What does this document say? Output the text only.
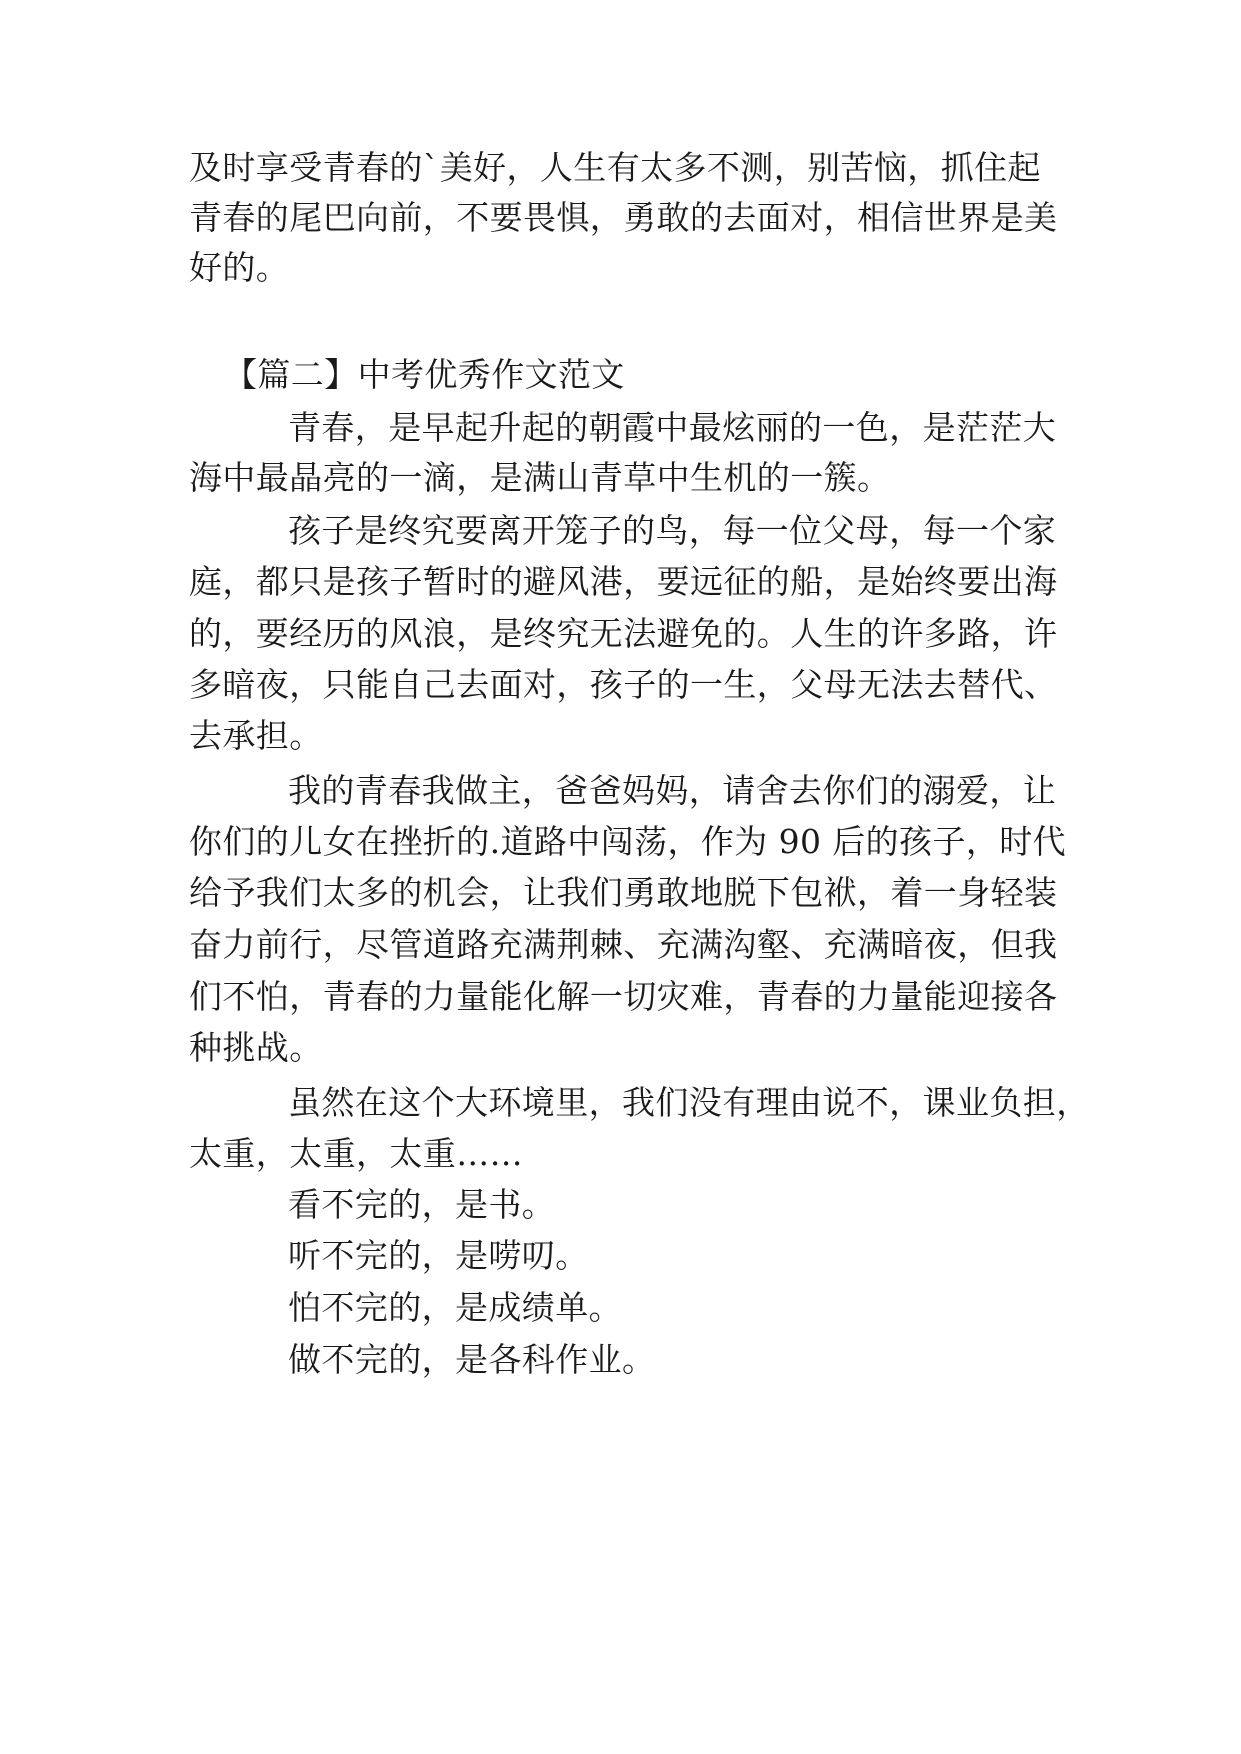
及时享受青春的`美好，人生有太多不测，别苦恼，抓住起
青春的尾巴向前，不要畏惧，勇敢的去面对，相信世界是美
好的。
【篇二】中考优秀作文范文
青春，是早起升起的朝霞中最炫丽的一色，是茫茫大
海中最晶亮的一滴，是满山青草中生机的一簇。
孩子是终究要离开笼子的鸟，每一位父母，每一个家
庭，都只是孩子暂时的避风港，要远征的船，是始终要出海
的，要经历的风浪，是终究无法避免的。人生的许多路，许
多暗夜，只能自己去面对，孩子的一生，父母无法去替代、
去承担。
我的青春我做主，爸爸妈妈，请舍去你们的溺爱，让
你们的儿女在挫折的.道路中闯荡，作为 90 后的孩子，时代
给予我们太多的机会，让我们勇敢地脱下包袱，着一身轻装
奋力前行，尽管道路充满荆棘、充满沟壑、充满暗夜，但我
们不怕，青春的力量能化解一切灾难，青春的力量能迎接各
种挑战。
虽然在这个大环境里，我们没有理由说不，课业负担，
太重，太重，太重……
看不完的，是书。
听不完的，是唠叨。
怕不完的，是成绩单。
做不完的，是各科作业。
